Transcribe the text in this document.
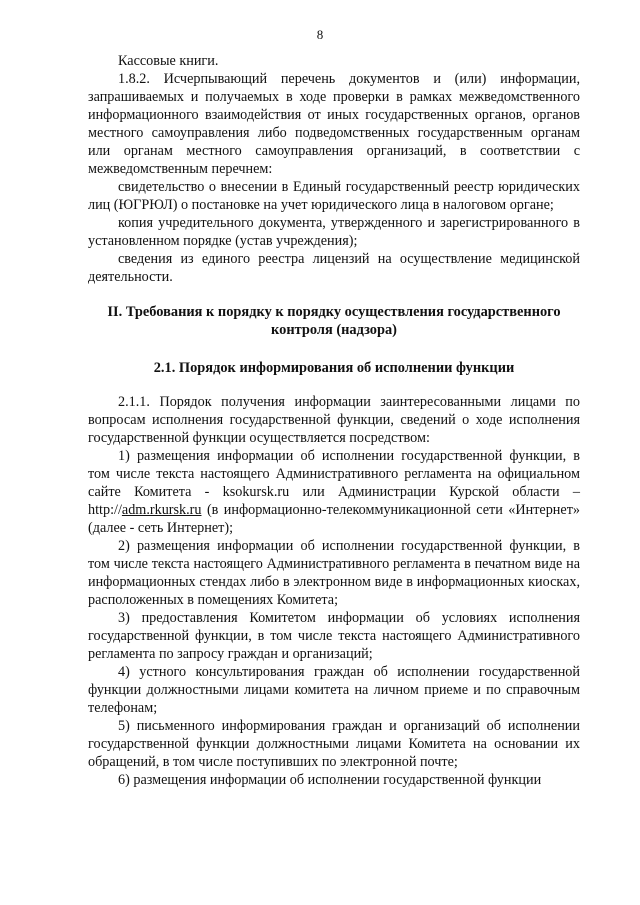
8

Кассовые книги.

1.8.2. Исчерпывающий перечень документов и (или) информации, запрашиваемых и получаемых в ходе проверки в рамках межведомственного информационного взаимодействия от иных государственных органов, органов местного самоуправления либо подведомственных государственным органам или органам местного самоуправления организаций, в соответствии с межведомственным перечнем:

свидетельство о внесении в Единый государственный реестр юридических лиц (ЮГРЮЛ) о постановке на учет юридического лица в налоговом органе;

копия учредительного документа, утвержденного и зарегистрированного в установленном порядке (устав учреждения);

сведения из единого реестра лицензий на осуществление медицинской деятельности.

II. Требования к порядку к порядку осуществления государственного контроля (надзора)
2.1. Порядок информирования об исполнении функции

2.1.1. Порядок получения информации заинтересованными лицами по вопросам исполнения государственной функции, сведений о ходе исполнения государственной функции осуществляется посредством:

1) размещения информации об исполнении государственной функции, в том числе текста настоящего Административного регламента на официальном сайте Комитета - ksokursk.ru или Администрации Курской области – http://adm.rkursk.ru (в информационно-телекоммуникационной сети «Интернет» (далее - сеть Интернет);

2) размещения информации об исполнении государственной функции, в том числе текста настоящего Административного регламента в печатном виде на информационных стендах либо в электронном виде в информационных киосках, расположенных в помещениях Комитета;

3) предоставления Комитетом информации об условиях исполнения государственной функции, в том числе текста настоящего Административного регламента по запросу граждан и организаций;

4) устного консультирования граждан об исполнении государственной функции должностными лицами комитета на личном приеме и по справочным телефонам;

5) письменного информирования граждан и организаций об исполнении государственной функции должностными лицами Комитета на основании их обращений, в том числе поступивших по электронной почте;

6) размещения информации об исполнении государственной функции
